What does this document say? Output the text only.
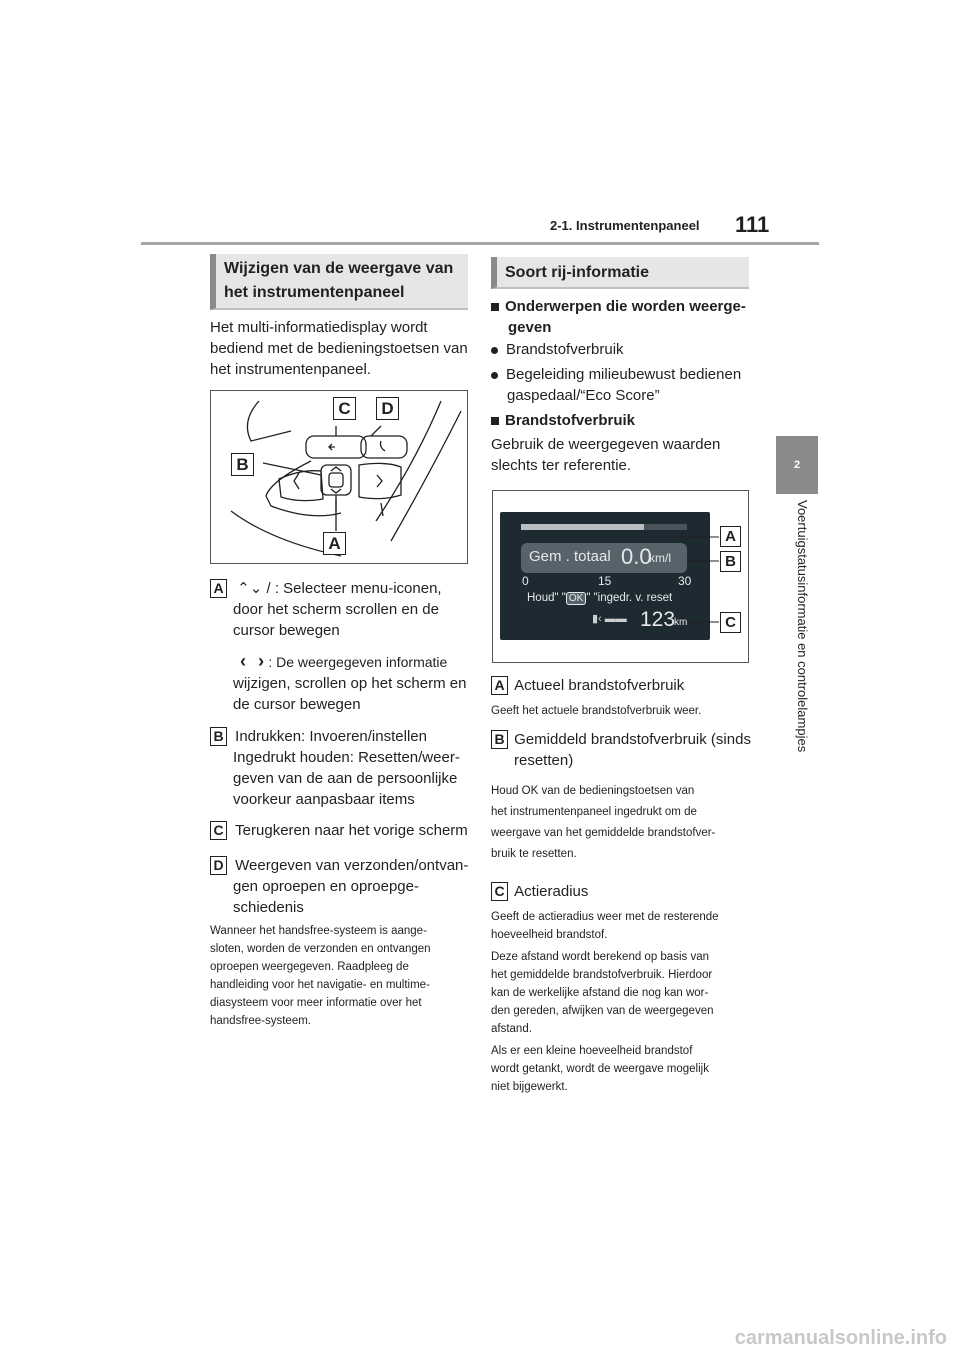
2-1. Instrumentenpaneel 111
2
Voertuigstatusinformatie en controlelampjes
Wijzigen van de weergave van het instrumentenpaneel
Het multi-informatiedisplay wordt bediend met de bedieningstoetsen van het instrumentenpaneel.
C	D
B
A
A ⌃⌄ / : Selecteer menu-iconen,
door het scherm scrollen en de
cursor bewegen
‹ › : De weergegeven informatie
wijzigen, scrollen op het scherm en
de cursor bewegen
B Indrukken: Invoeren/instellen
Ingedrukt houden: Resetten/weer-
geven van de aan de persoonlijke
voorkeur aanpasbaar items
C Terugkeren naar het vorige scherm
D Weergeven van verzonden/ontvan-
gen oproepen en oproepge-
schiedenis
Wanneer het handsfree-systeem is aange-
sloten, worden de verzonden en ontvangen
oproepen weergegeven. Raadpleeg de
handleiding voor het navigatie- en multime-
diasysteem voor meer informatie over het
handsfree-systeem.
Soort rij-informatie
Onderwerpen die worden weerge-
geven
Brandstofverbruik
Begeleiding milieubewust bedienen
gaspedaal/“Eco Score”
Brandstofverbruik
Gebruik de weergegeven waarden
slechts ter referentie.
Gem . totaal 0.0
km/l
0	15	30
Houd" " OK " "ingedr. v. reset
▮‹ ▬▬ 123
km
A
B
C
A Actueel brandstofverbruik
Geeft het actuele brandstofverbruik weer.
B Gemiddeld brandstofverbruik (sinds
resetten)
Houd OK van de bedieningstoetsen van
het instrumentenpaneel ingedrukt om de
weergave van het gemiddelde brandstofver-
bruik te resetten.
C Actieradius
Geeft de actieradius weer met de resterende
hoeveelheid brandstof.
Deze afstand wordt berekend op basis van
het gemiddelde brandstofverbruik. Hierdoor
kan de werkelijke afstand die nog kan wor-
den gereden, afwijken van de weergegeven
afstand.
Als er een kleine hoeveelheid brandstof
wordt getankt, wordt de weergave mogelijk
niet bijgewerkt.
carmanualsonline.info
